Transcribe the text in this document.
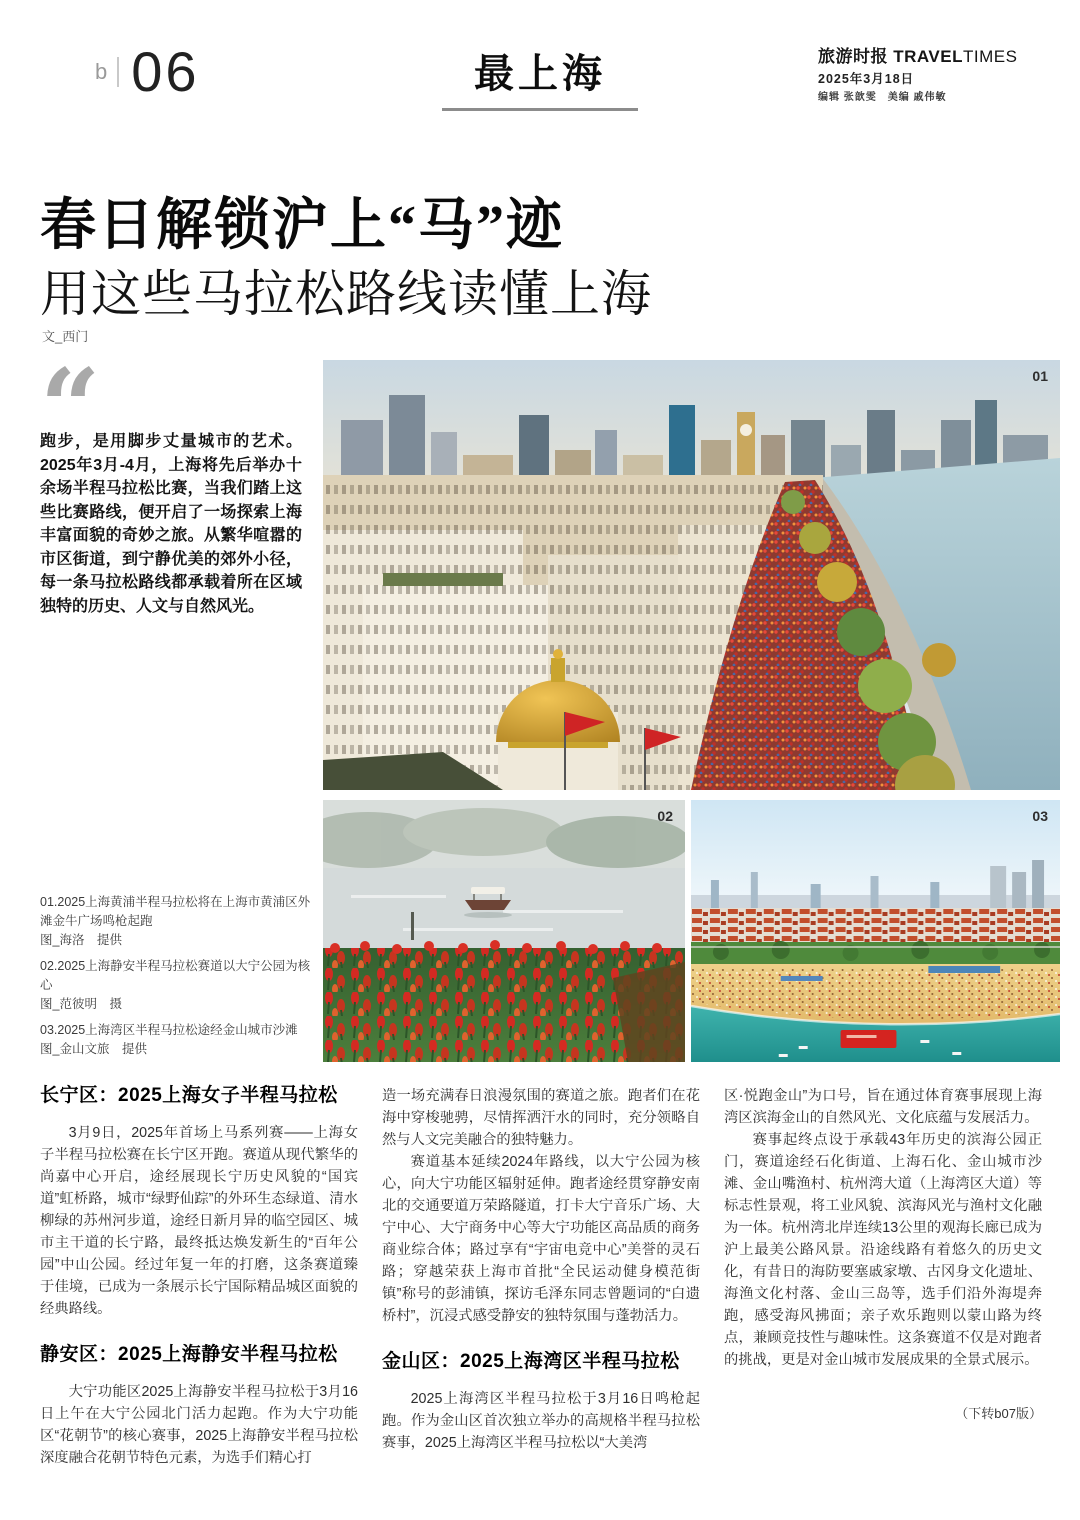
b 06	最上海	旅游时报 TRAVELTIMES
2025年3月18日
编辑 张歆雯　美编 戚伟敏
春日解锁沪上“马”迹
用这些马拉松路线读懂上海
文_西门
“
跑步，是用脚步丈量城市的艺术。2025年3月-4月，上海将先后举办十余场半程马拉松比赛，当我们踏上这些比赛路线，便开启了一场探索上海丰富面貌的奇妙之旅。从繁华喧嚣的市区街道，到宁静优美的郊外小径，每一条马拉松路线都承载着所在区域独特的历史、人文与自然风光。
01
02	03
01.2025上海黄浦半程马拉松将在上海市黄浦区外滩金牛广场鸣枪起跑
图_海洛　提供
02.2025上海静安半程马拉松赛道以大宁公园为核心
图_范彼明　摄
03.2025上海湾区半程马拉松途经金山城市沙滩
图_金山文旅　提供
长宁区：2025上海女子半程马拉松

3月9日，2025年首场上马系列赛——上海女子半程马拉松赛在长宁区开跑。赛道从现代繁华的尚嘉中心开启，途经展现长宁历史风貌的“国宾道”虹桥路，城市“绿野仙踪”的外环生态绿道、清水柳绿的苏州河步道，途经日新月异的临空园区、城市主干道的长宁路，最终抵达焕发新生的“百年公园”中山公园。经过年复一年的打磨，这条赛道臻于佳境，已成为一条展示长宁国际精品城区面貌的经典路线。

静安区：2025上海静安半程马拉松

大宁功能区2025上海静安半程马拉松于3月16日上午在大宁公园北门活力起跑。作为大宁功能区“花朝节”的核心赛事，2025上海静安半程马拉松深度融合花朝节特色元素，为选手们精心打

造一场充满春日浪漫氛围的赛道之旅。跑者们在花海中穿梭驰骋，尽情挥洒汗水的同时，充分领略自然与人文完美融合的独特魅力。

赛道基本延续2024年路线，以大宁公园为核心，向大宁功能区辐射延伸。跑者途经贯穿静安南北的交通要道万荣路隧道，打卡大宁音乐广场、大宁中心、大宁商务中心等大宁功能区高品质的商务商业综合体；路过享有“宇宙电竞中心”美誉的灵石路；穿越荣获上海市首批“全民运动健身模范街镇”称号的彭浦镇，探访毛泽东同志曾题词的“白遗桥村”，沉浸式感受静安的独特氛围与蓬勃活力。

金山区：2025上海湾区半程马拉松

2025上海湾区半程马拉松于3月16日鸣枪起跑。作为金山区首次独立举办的高规格半程马拉松赛事，2025上海湾区半程马拉松以“大美湾

区·悦跑金山”为口号，旨在通过体育赛事展现上海湾区滨海金山的自然风光、文化底蕴与发展活力。

赛事起终点设于承载43年历史的滨海公园正门，赛道途经石化街道、上海石化、金山城市沙滩、金山嘴渔村、杭州湾大道（上海湾区大道）等标志性景观，将工业风貌、滨海风光与渔村文化融为一体。杭州湾北岸连续13公里的观海长廊已成为沪上最美公路风景。沿途线路有着悠久的历史文化，有昔日的海防要塞戚家墩、古冈身文化遗址、海渔文化村落、金山三岛等，选手们沿外海堤奔跑，感受海风拂面；亲子欢乐跑则以蒙山路为终点，兼顾竞技性与趣味性。这条赛道不仅是对跑者的挑战，更是对金山城市发展成果的全景式展示。

（下转b07版）
